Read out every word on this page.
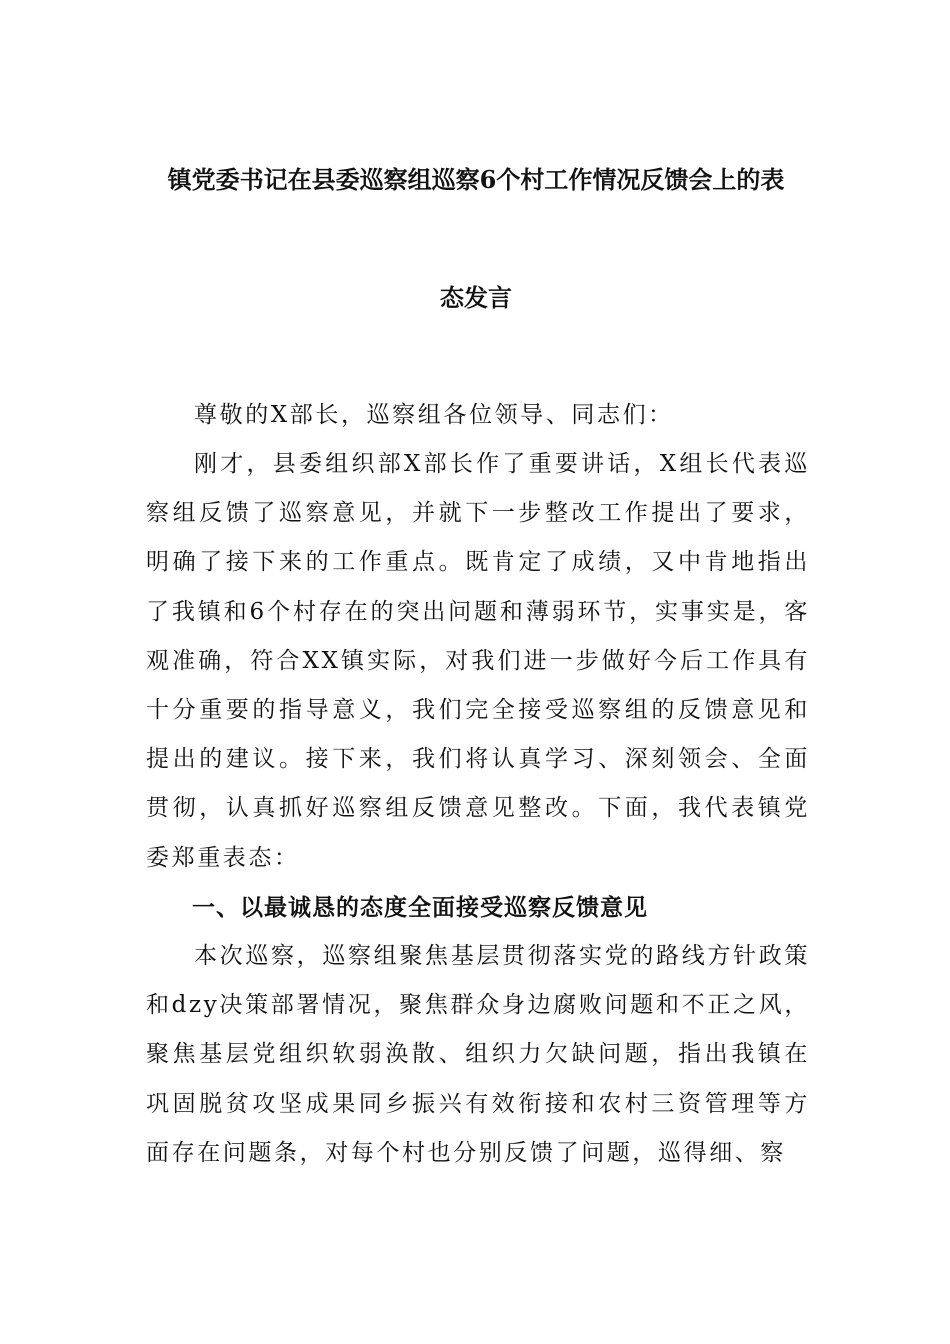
镇党委书记在县委巡察组巡察6个村工作情况反馈会上的表
态发言
尊敬的X部长，巡察组各位领导、同志们：
刚才，县委组织部X部长作了重要讲话，X组长代表巡察组反馈了巡察意见，并就下一步整改工作提出了要求，明确了接下来的工作重点。既肯定了成绩，又中肯地指出了我镇和6个村存在的突出问题和薄弱环节，实事实是，客观准确，符合XX镇实际，对我们进一步做好今后工作具有十分重要的指导意义，我们完全接受巡察组的反馈意见和提出的建议。接下来，我们将认真学习、深刻领会、全面贯彻，认真抓好巡察组反馈意见整改。下面，我代表镇党委郑重表态：
一、以最诚恳的态度全面接受巡察反馈意见
本次巡察，巡察组聚焦基层贯彻落实党的路线方针政策和dzy决策部署情况，聚焦群众身边腐败问题和不正之风，聚焦基层党组织软弱涣散、组织力欠缺问题，指出我镇在巩固脱贫攻坚成果同乡振兴有效衔接和农村三资管理等方面存在问题条，对每个村也分别反馈了问题，巡得细、察
